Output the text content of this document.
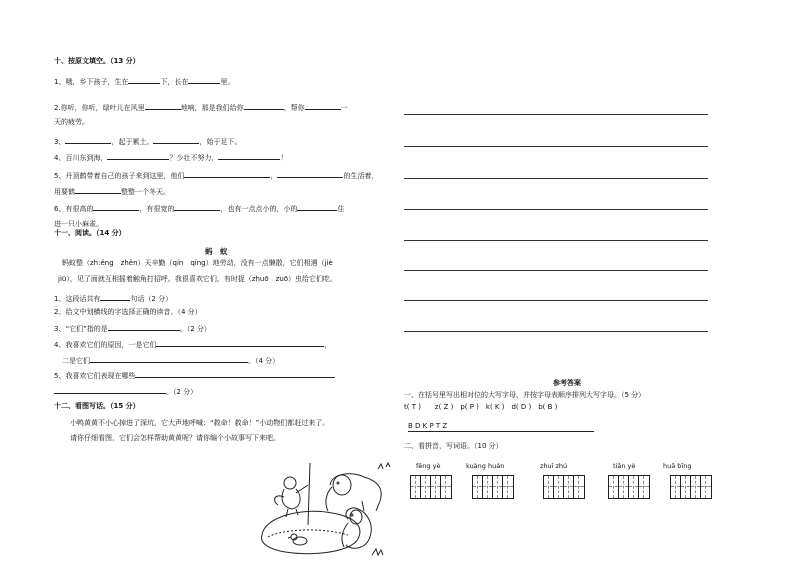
十、按原文填空。（13 分）
1、哦，乡下孩子，生在	下，长在	里。
2.你听，你听，绿叶儿在风里	地响，那是我们给你	，帮你	一
天的疲劳。
3、	，起于累土。	，始于足下。
4、百川东到海，	？少壮不努力，	！
5、丹顶鹤带着自己的孩子来到这里，他们	，	的生活着，
用要鹤	整整一个冬天。
6、有很高的	，有很宽的	，也有一点点小的，小的	住
进一只小麻雀。
十一、阅读。（14 分）
蚂　蚁
蚂蚁整（zh:ěng　zhěn）天辛勤（qín　qíng）地劳动，没有一点懒散，它们相遇（jiè
jiū），见了面就互相摇着触角打招呼。我很喜欢它们，有时捉（zhuō　zuō）虫给它们吃。
1、这段话共有	句话（2 分）
2、给文中划横线的字选择正确的读音。（4 分）
3、“它们”指的是	。（2 分）
4、我喜欢它们的原因，一是它们	，
二是它们	。（4 分）
5、我喜欢它们表现在哪些
。（2 分）
十二、看图写话。（15 分）
小鸭黄黄不小心掉进了深坑，它大声地呼喊：“救命！救命！”小动物们都赶过来了。
请你仔细看图，它们会怎样帮助黄黄呢？请你编个小故事写下来吧。
参考答案
一、在括号里写出相对位的大写字母，并按字母表顺序排列大写字母。（5 分）
t( T )　　z( Z )　p( P )　k( K )　d( D )　b( B )
B D K P T Z
二、看拼音，写词语。（10 分）
fēng yè	kuàng huán	zhuī zhú	tiān yè	huā bīng
